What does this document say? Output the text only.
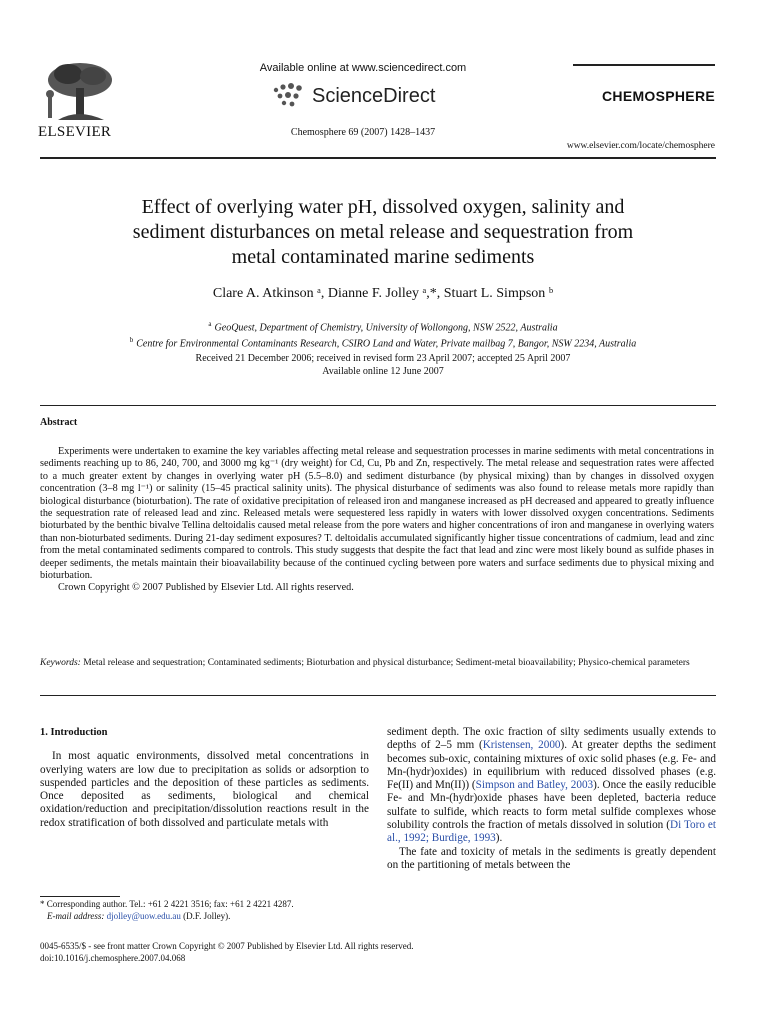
ELSEVIER
Available online at www.sciencedirect.com
ScienceDirect
Chemosphere 69 (2007) 1428–1437
CHEMOSPHERE
www.elsevier.com/locate/chemosphere
Effect of overlying water pH, dissolved oxygen, salinity and
sediment disturbances on metal release and sequestration from
metal contaminated marine sediments
Clare A. Atkinson ᵃ, Dianne F. Jolley ᵃ,*, Stuart L. Simpson ᵇ
$^a$ GeoQuest, Department of Chemistry, University of Wollongong, NSW 2522, Australia
$^b$ Centre for Environmental Contaminants Research, CSIRO Land and Water, Private mailbag 7, Bangor, NSW 2234, Australia
Received 21 December 2006; received in revised form 23 April 2007; accepted 25 April 2007
Available online 12 June 2007
Abstract

Experiments were undertaken to examine the key variables affecting metal release and sequestration processes in marine sediments with metal concentrations in sediments reaching up to 86, 240, 700, and 3000 mg kg⁻¹ (dry weight) for Cd, Cu, Pb and Zn, respectively. The metal release and sequestration rates were affected to a much greater extent by changes in overlying water pH (5.5–8.0) and sediment disturbance (by physical mixing) than by changes in dissolved oxygen concentration (3–8 mg l⁻¹) or salinity (15–45 practical salinity units). The physical disturbance of sediments was also found to release metals more rapidly than biological disturbance (bioturbation). The rate of oxidative precipitation of released iron and manganese increased as pH decreased and appeared to greatly influence the sequestration rate of released lead and zinc. Released metals were sequestered less rapidly in waters with lower dissolved oxygen concentrations. Sediments bioturbated by the benthic bivalve Tellina deltoidalis caused metal release from the pore waters and higher concentrations of iron and manganese in overlying waters than non-bioturbated sediments. During 21-day sediment exposures? T. deltoidalis accumulated significantly higher tissue concentrations of cadmium, lead and zinc from the metal contaminated sediments compared to controls. This study suggests that despite the fact that lead and zinc were most likely bound as sulfide phases in deeper sediments, the metals maintain their bioavailability because of the continued cycling between pore waters and surface sediments due to physical mixing and bioturbation.

Crown Copyright © 2007 Published by Elsevier Ltd. All rights reserved.

Keywords: Metal release and sequestration; Contaminated sediments; Bioturbation and physical disturbance; Sediment-metal bioavailability; Physico-chemical parameters
1. Introduction

In most aquatic environments, dissolved metal concentrations in overlying waters are low due to precipitation as solids or adsorption to suspended particles and the deposition of these particles as sediments. Once deposited as sediments, biological and chemical oxidation/reduction and precipitation/dissolution reactions result in the redox stratification of both dissolved and particulate metals with

sediment depth. The oxic fraction of silty sediments usually extends to depths of 2–5 mm (Kristensen, 2000). At greater depths the sediment becomes sub-oxic, containing mixtures of oxic solid phases (e.g. Fe- and Mn-(hydr)oxides) in equilibrium with reduced dissolved phases (e.g. Fe(II) and Mn(II)) (Simpson and Batley, 2003). Once the easily reducible Fe- and Mn-(hydr)oxide phases have been depleted, bacteria reduce sulfate to sulfide, which reacts to form metal sulfide complexes whose solubility controls the fraction of metals dissolved in solution (Di Toro et al., 1992; Burdige, 1993).

The fate and toxicity of metals in the sediments is greatly dependent on the partitioning of metals between the

* Corresponding author. Tel.: +61 2 4221 3516; fax: +61 2 4221 4287.
E-mail address: djolley@uow.edu.au (D.F. Jolley).
0045-6535/$ - see front matter Crown Copyright © 2007 Published by Elsevier Ltd. All rights reserved.
doi:10.1016/j.chemosphere.2007.04.068
